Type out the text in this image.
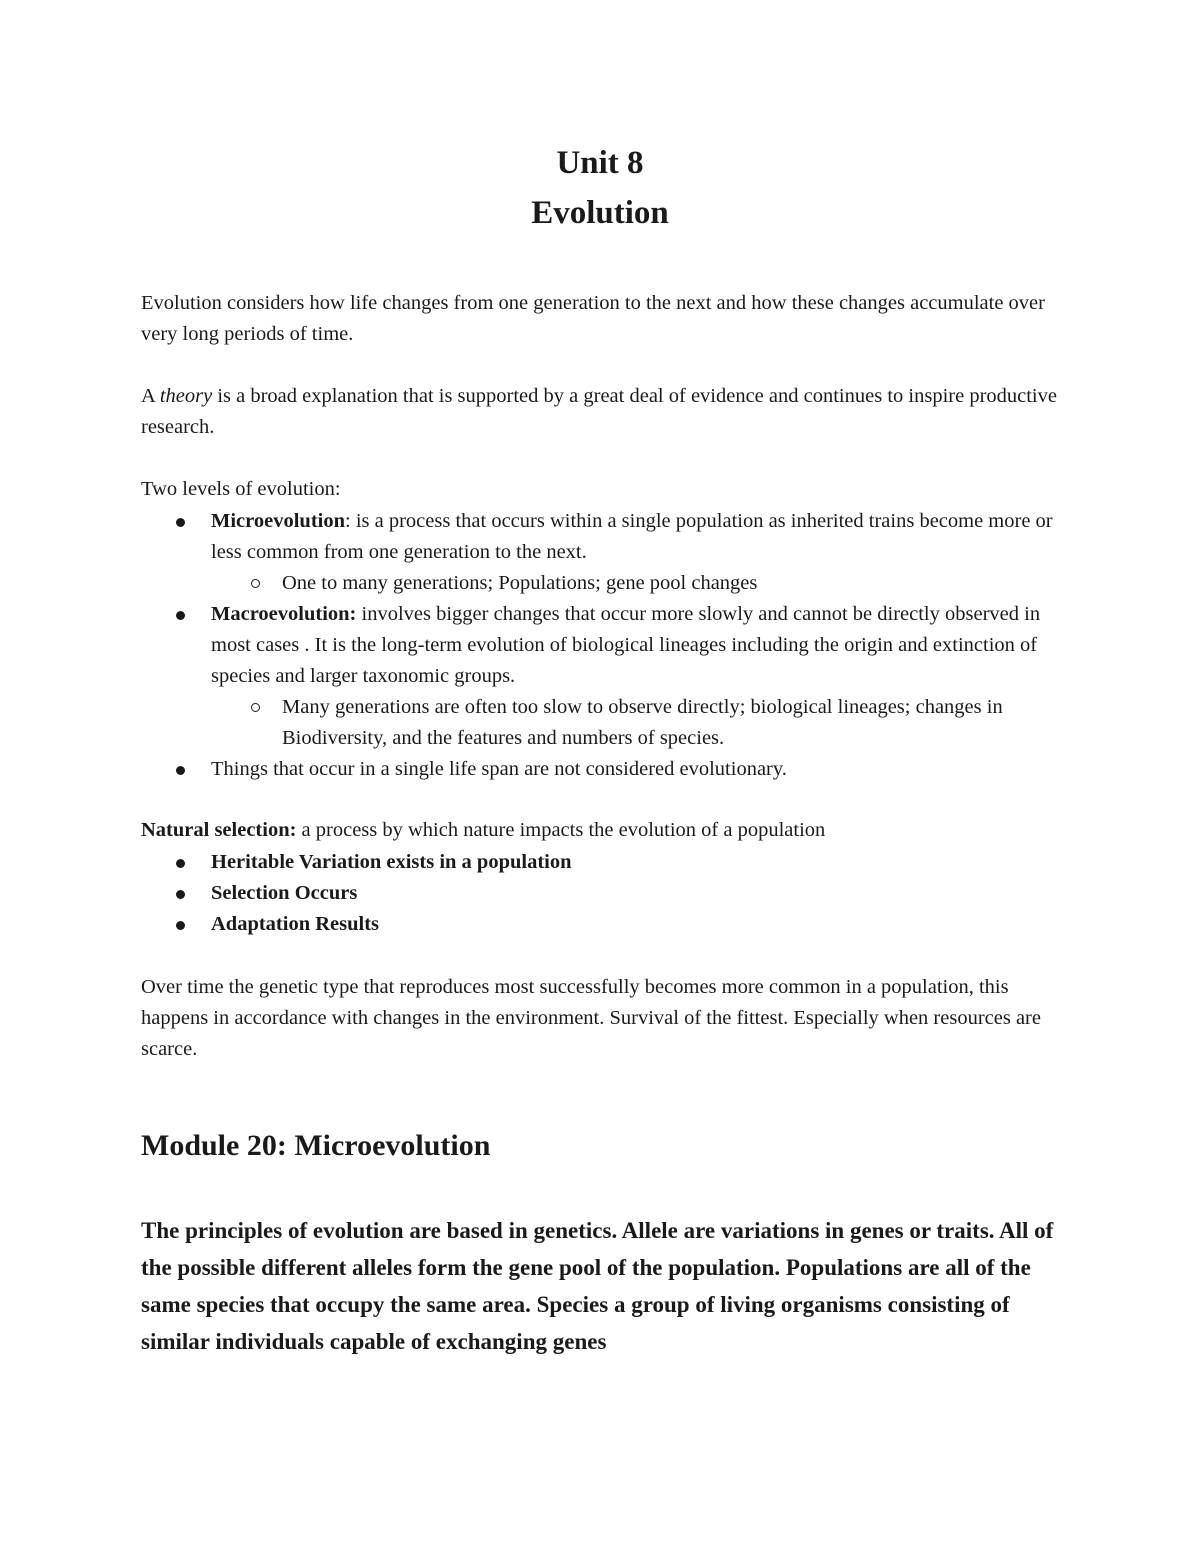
Unit 8
Evolution

Evolution considers how life changes from one generation to the next and how these changes accumulate over very long periods of time.

A theory is a broad explanation that is supported by a great deal of evidence and continues to inspire productive research.

Two levels of evolution:

Microevolution: is a process that occurs within a single population as inherited trains become more or less common from one generation to the next.
One to many generations; Populations; gene pool changes
Macroevolution: involves bigger changes that occur more slowly and cannot be directly observed in most cases . It is the long-term evolution of biological lineages including the origin and extinction of species and larger taxonomic groups.
Many generations are often too slow to observe directly; biological lineages; changes in Biodiversity, and the features and numbers of species.
Things that occur in a single life span are not considered evolutionary.

Natural selection: a process by which nature impacts the evolution of a population

Heritable Variation exists in a population
Selection Occurs
Adaptation Results

Over time the genetic type that reproduces most successfully becomes more common in a population, this happens in accordance with changes in the environment. Survival of the fittest. Especially when resources are scarce.

Module 20: Microevolution

The principles of evolution are based in genetics. Allele are variations in genes or traits. All of the possible different alleles form the gene pool of the population. Populations are all of the same species that occupy the same area. Species a group of living organisms consisting of similar individuals capable of exchanging genes
